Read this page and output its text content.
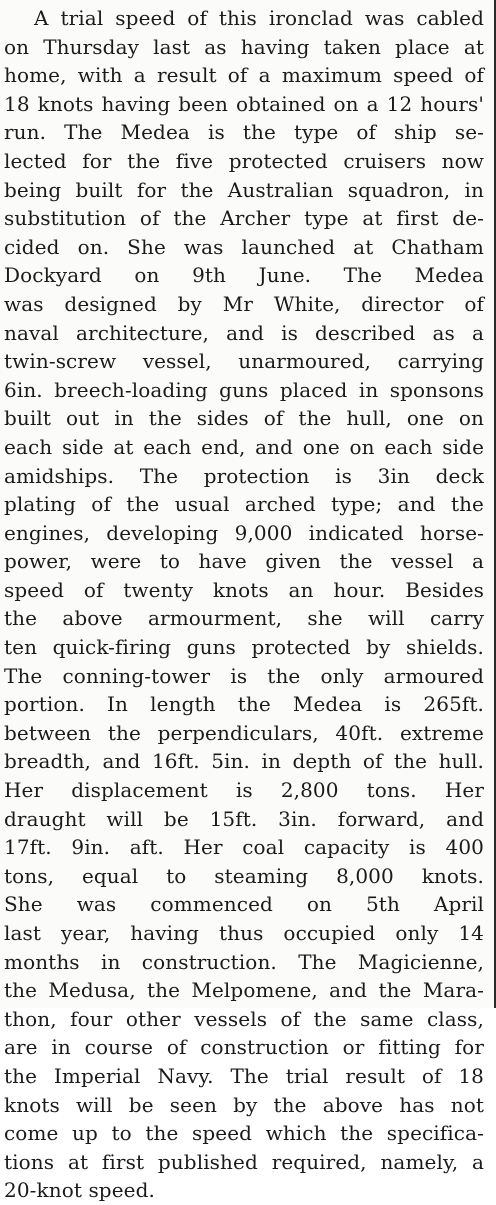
A trial speed of this ironclad was cabled
on Thursday last as having taken place at
home, with a result of a maximum speed of
18 knots having been obtained on a 12 hours'
run. The Medea is the type of ship se-
lected for the five protected cruisers now
being built for the Australian squadron, in
substitution of the Archer type at first de-
cided on. She was launched at Chatham
Dockyard on 9th June. The Medea
was designed by Mr White, director of
naval architecture, and is described as a
twin-screw vessel, unarmoured, carrying
6in. breech-loading guns placed in sponsons
built out in the sides of the hull, one on
each side at each end, and one on each side
amidships. The protection is 3in deck
plating of the usual arched type; and the
engines, developing 9,000 indicated horse-
power, were to have given the vessel a
speed of twenty knots an hour. Besides
the above armourment, she will carry
ten quick-firing guns protected by shields.
The conning-tower is the only armoured
portion. In length the Medea is 265ft.
between the perpendiculars, 40ft. extreme
breadth, and 16ft. 5in. in depth of the hull.
Her displacement is 2,800 tons. Her
draught will be 15ft. 3in. forward, and
17ft. 9in. aft. Her coal capacity is 400
tons, equal to steaming 8,000 knots.
She was commenced on 5th April
last year, having thus occupied only 14
months in construction. The Magicienne,
the Medusa, the Melpomene, and the Mara-
thon, four other vessels of the same class,
are in course of construction or fitting for
the Imperial Navy. The trial result of 18
knots will be seen by the above has not
come up to the speed which the specifica-
tions at first published required, namely, a
20-knot speed.
